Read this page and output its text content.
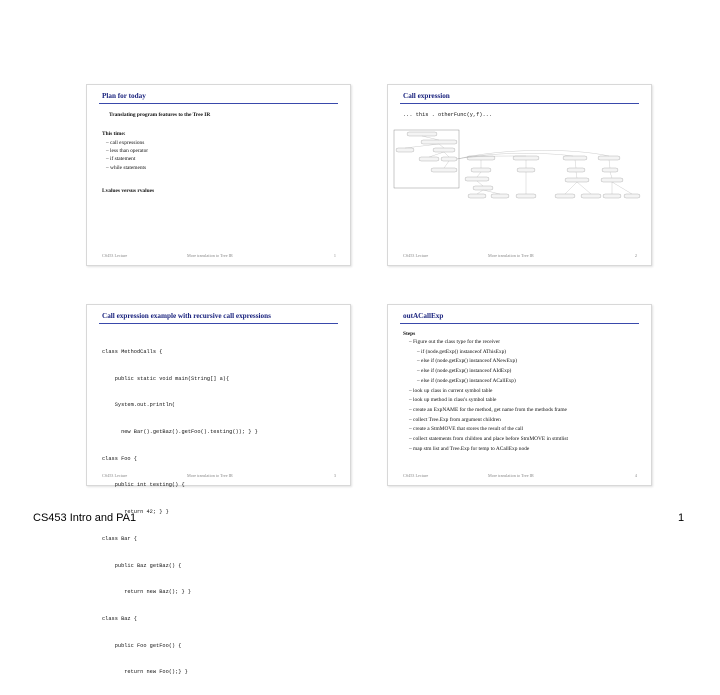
Plan for today
Translating program features to the Tree IR
This time:
– call expressions
– less than operator
– if statement
– while statements
Lvalues versus rvalues
CS453 Lecture	More translation to Tree IR	1
Call expression
... this . otherFunc(y,f)...
CS453 Lecture	More translation to Tree IR	2
Call expression example with recursive call expressions

class MethodCalls {

public static void main(String[] a){

System.out.println(

new Bar().getBaz().getFoo().testing()); } }

class Foo {

public int testing() {

return 42; } }

class Bar {

public Baz getBaz() {

return new Baz(); } }

class Baz {

public Foo getFoo() {

return new Foo();} }

CS453 Lecture	More translation to Tree IR	3
outACallExp
Steps
– Figure out the class type for the receiver
– if (node.getExp() instanceof AThisExp)
– else if (node.getExp() instanceof ANewExp)
– else if (node.getExp() instanceof AIdExp)
– else if (node.getExp() instanceof ACallExp)
– look up class in current symbol table
– look up method in class's symbol table
– create an ExpNAME for the method, get name from the methods frame
– collect Tree.Exp from argument children
– create a StmMOVE that stores the result of the call
– collect statements from children and place before StmMOVE in stmtlist
– map stm list and Tree.Exp for temp to ACallExp node
CS453 Lecture	More translation to Tree IR	4
CS453 Intro and PA1	1
